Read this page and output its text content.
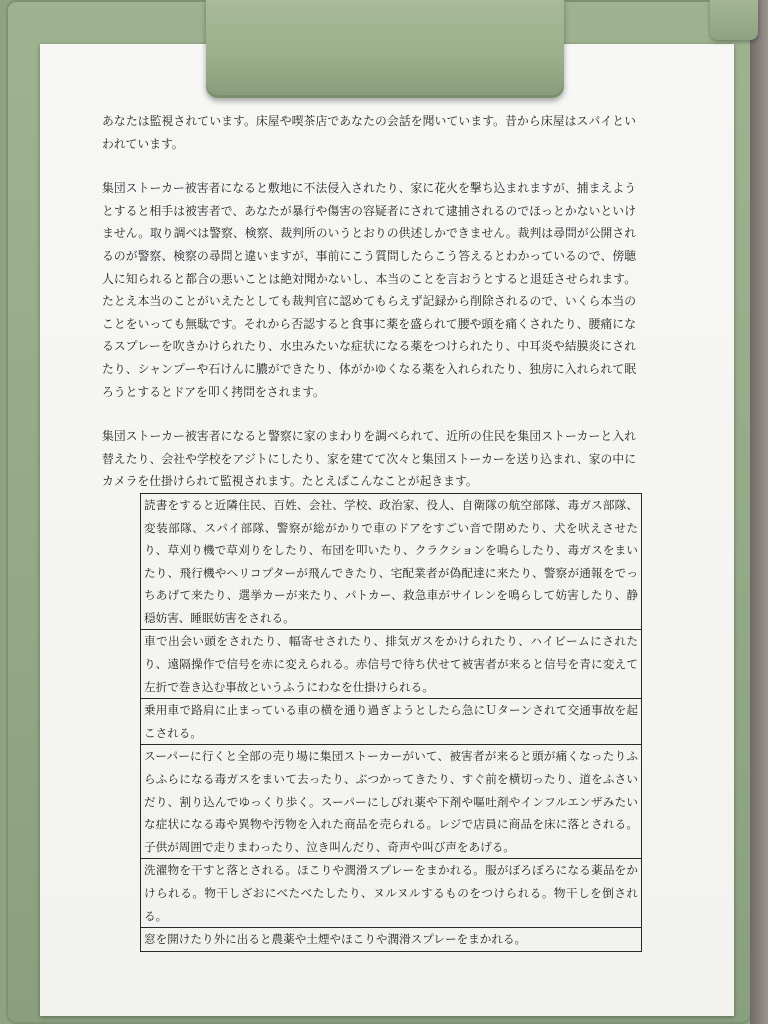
あなたは監視されています。床屋や喫茶店であなたの会話を聞いています。昔から床屋はスパイといわれています。

集団ストーカー被害者になると敷地に不法侵入されたり、家に花火を撃ち込まれますが、捕まえようとすると相手は被害者で、あなたが暴行や傷害の容疑者にされて逮捕されるのでほっとかないといけません。取り調べは警察、検察、裁判所のいうとおりの供述しかできません。裁判は尋問が公開されるのが警察、検察の尋問と違いますが、事前にこう質問したらこう答えるとわかっているので、傍聴人に知られると都合の悪いことは絶対聞かないし、本当のことを言おうとすると退廷させられます。たとえ本当のことがいえたとしても裁判官に認めてもらえず記録から削除されるので、いくら本当のことをいっても無駄です。それから否認すると食事に薬を盛られて腰や頭を痛くされたり、腰痛になるスプレーを吹きかけられたり、水虫みたいな症状になる薬をつけられたり、中耳炎や結膜炎にされたり、シャンプーや石けんに膿ができたり、体がかゆくなる薬を入れられたり、独房に入れられて眠ろうとするとドアを叩く拷問をされます。

集団ストーカー被害者になると警察に家のまわりを調べられて、近所の住民を集団ストーカーと入れ替えたり、会社や学校をアジトにしたり、家を建てて次々と集団ストーカーを送り込まれ、家の中にカメラを仕掛けられて監視されます。たとえばこんなことが起きます。

読書をすると近隣住民、百姓、会社、学校、政治家、役人、自衛隊の航空部隊、毒ガス部隊、変装部隊、スパイ部隊、警察が総がかりで車のドアをすごい音で閉めたり、犬を吠えさせたり、草刈り機で草刈りをしたり、布団を叩いたり、クラクションを鳴らしたり、毒ガスをまいたり、飛行機やヘリコプターが飛んできたり、宅配業者が偽配達に来たり、警察が通報をでっちあげて来たり、選挙カーが来たり、パトカー、救急車がサイレンを鳴らして妨害したり、静穏妨害、睡眠妨害をされる。
車で出会い頭をされたり、幅寄せされたり、排気ガスをかけられたり、ハイビームにされたり、遠隔操作で信号を赤に変えられる。赤信号で待ち伏せて被害者が来ると信号を青に変えて左折で巻き込む事故というふうにわなを仕掛けられる。
乗用車で路肩に止まっている車の横を通り過ぎようとしたら急にＵターンされて交通事故を起こされる。
スーパーに行くと全部の売り場に集団ストーカーがいて、被害者が来ると頭が痛くなったりふらふらになる毒ガスをまいて去ったり、ぶつかってきたり、すぐ前を横切ったり、道をふさいだり、割り込んでゆっくり歩く。スーパーにしびれ薬や下剤や嘔吐剤やインフルエンザみたいな症状になる毒や異物や汚物を入れた商品を売られる。レジで店員に商品を床に落とされる。子供が周囲で走りまわったり、泣き叫んだり、奇声や叫び声をあげる。
洗濯物を干すと落とされる。ほこりや潤滑スプレーをまかれる。服がぼろぼろになる薬品をかけられる。物干しざおにべたべたしたり、ヌルヌルするものをつけられる。物干しを倒される。
窓を開けたり外に出ると農薬や土煙やほこりや潤滑スプレーをまかれる。
